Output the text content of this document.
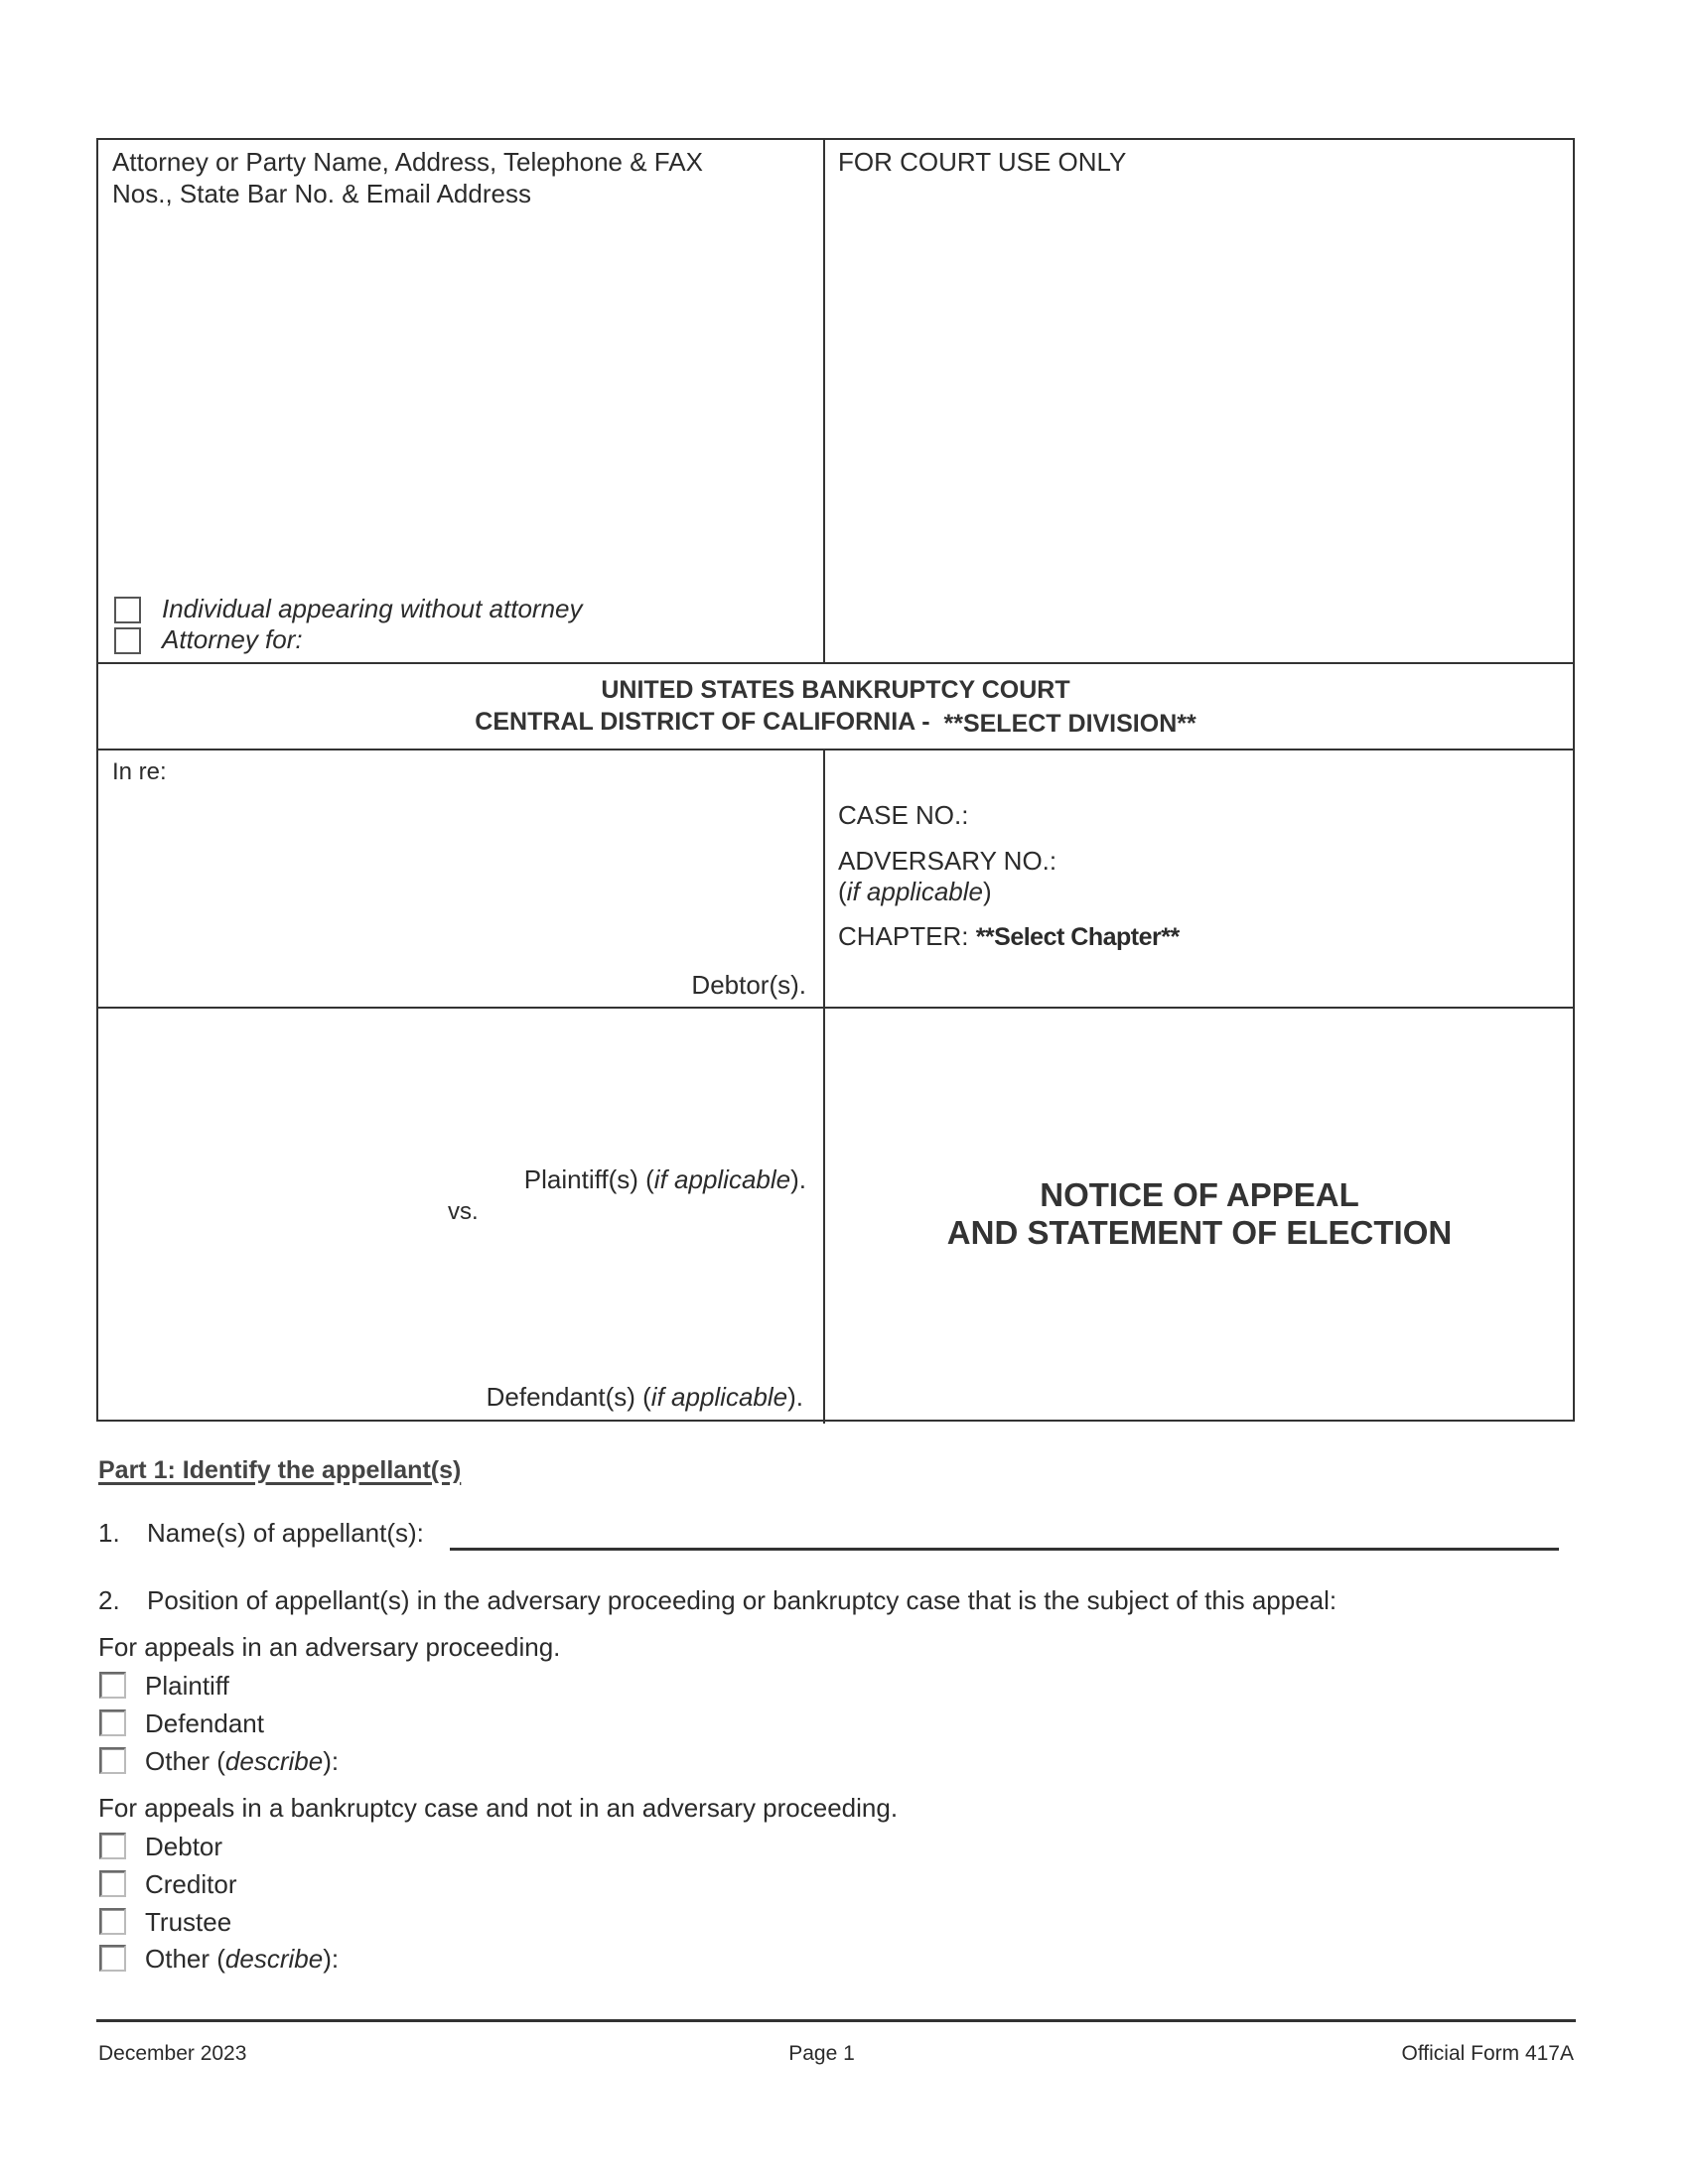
Attorney or Party Name, Address, Telephone & FAX
Nos., State Bar No. & Email Address
Individual appearing without attorney
Attorney for:
FOR COURT USE ONLY
UNITED STATES BANKRUPTCY COURT
CENTRAL DISTRICT OF CALIFORNIA -  **SELECT DIVISION**
In re:
Debtor(s).
CASE NO.:
ADVERSARY NO.:
(if applicable)
CHAPTER: **Select Chapter**
Plaintiff(s) (if applicable).
vs.
Defendant(s) (if applicable).
NOTICE OF APPEAL
AND STATEMENT OF ELECTION
Part 1: Identify the appellant(s)
1. Name(s) of appellant(s):
2. Position of appellant(s) in the adversary proceeding or bankruptcy case that is the subject of this appeal:
For appeals in an adversary proceeding.
Plaintiff
Defendant
Other (describe):
For appeals in a bankruptcy case and not in an adversary proceeding.
Debtor
Creditor
Trustee
Other (describe):
December 2023	Page 1	Official Form 417A
